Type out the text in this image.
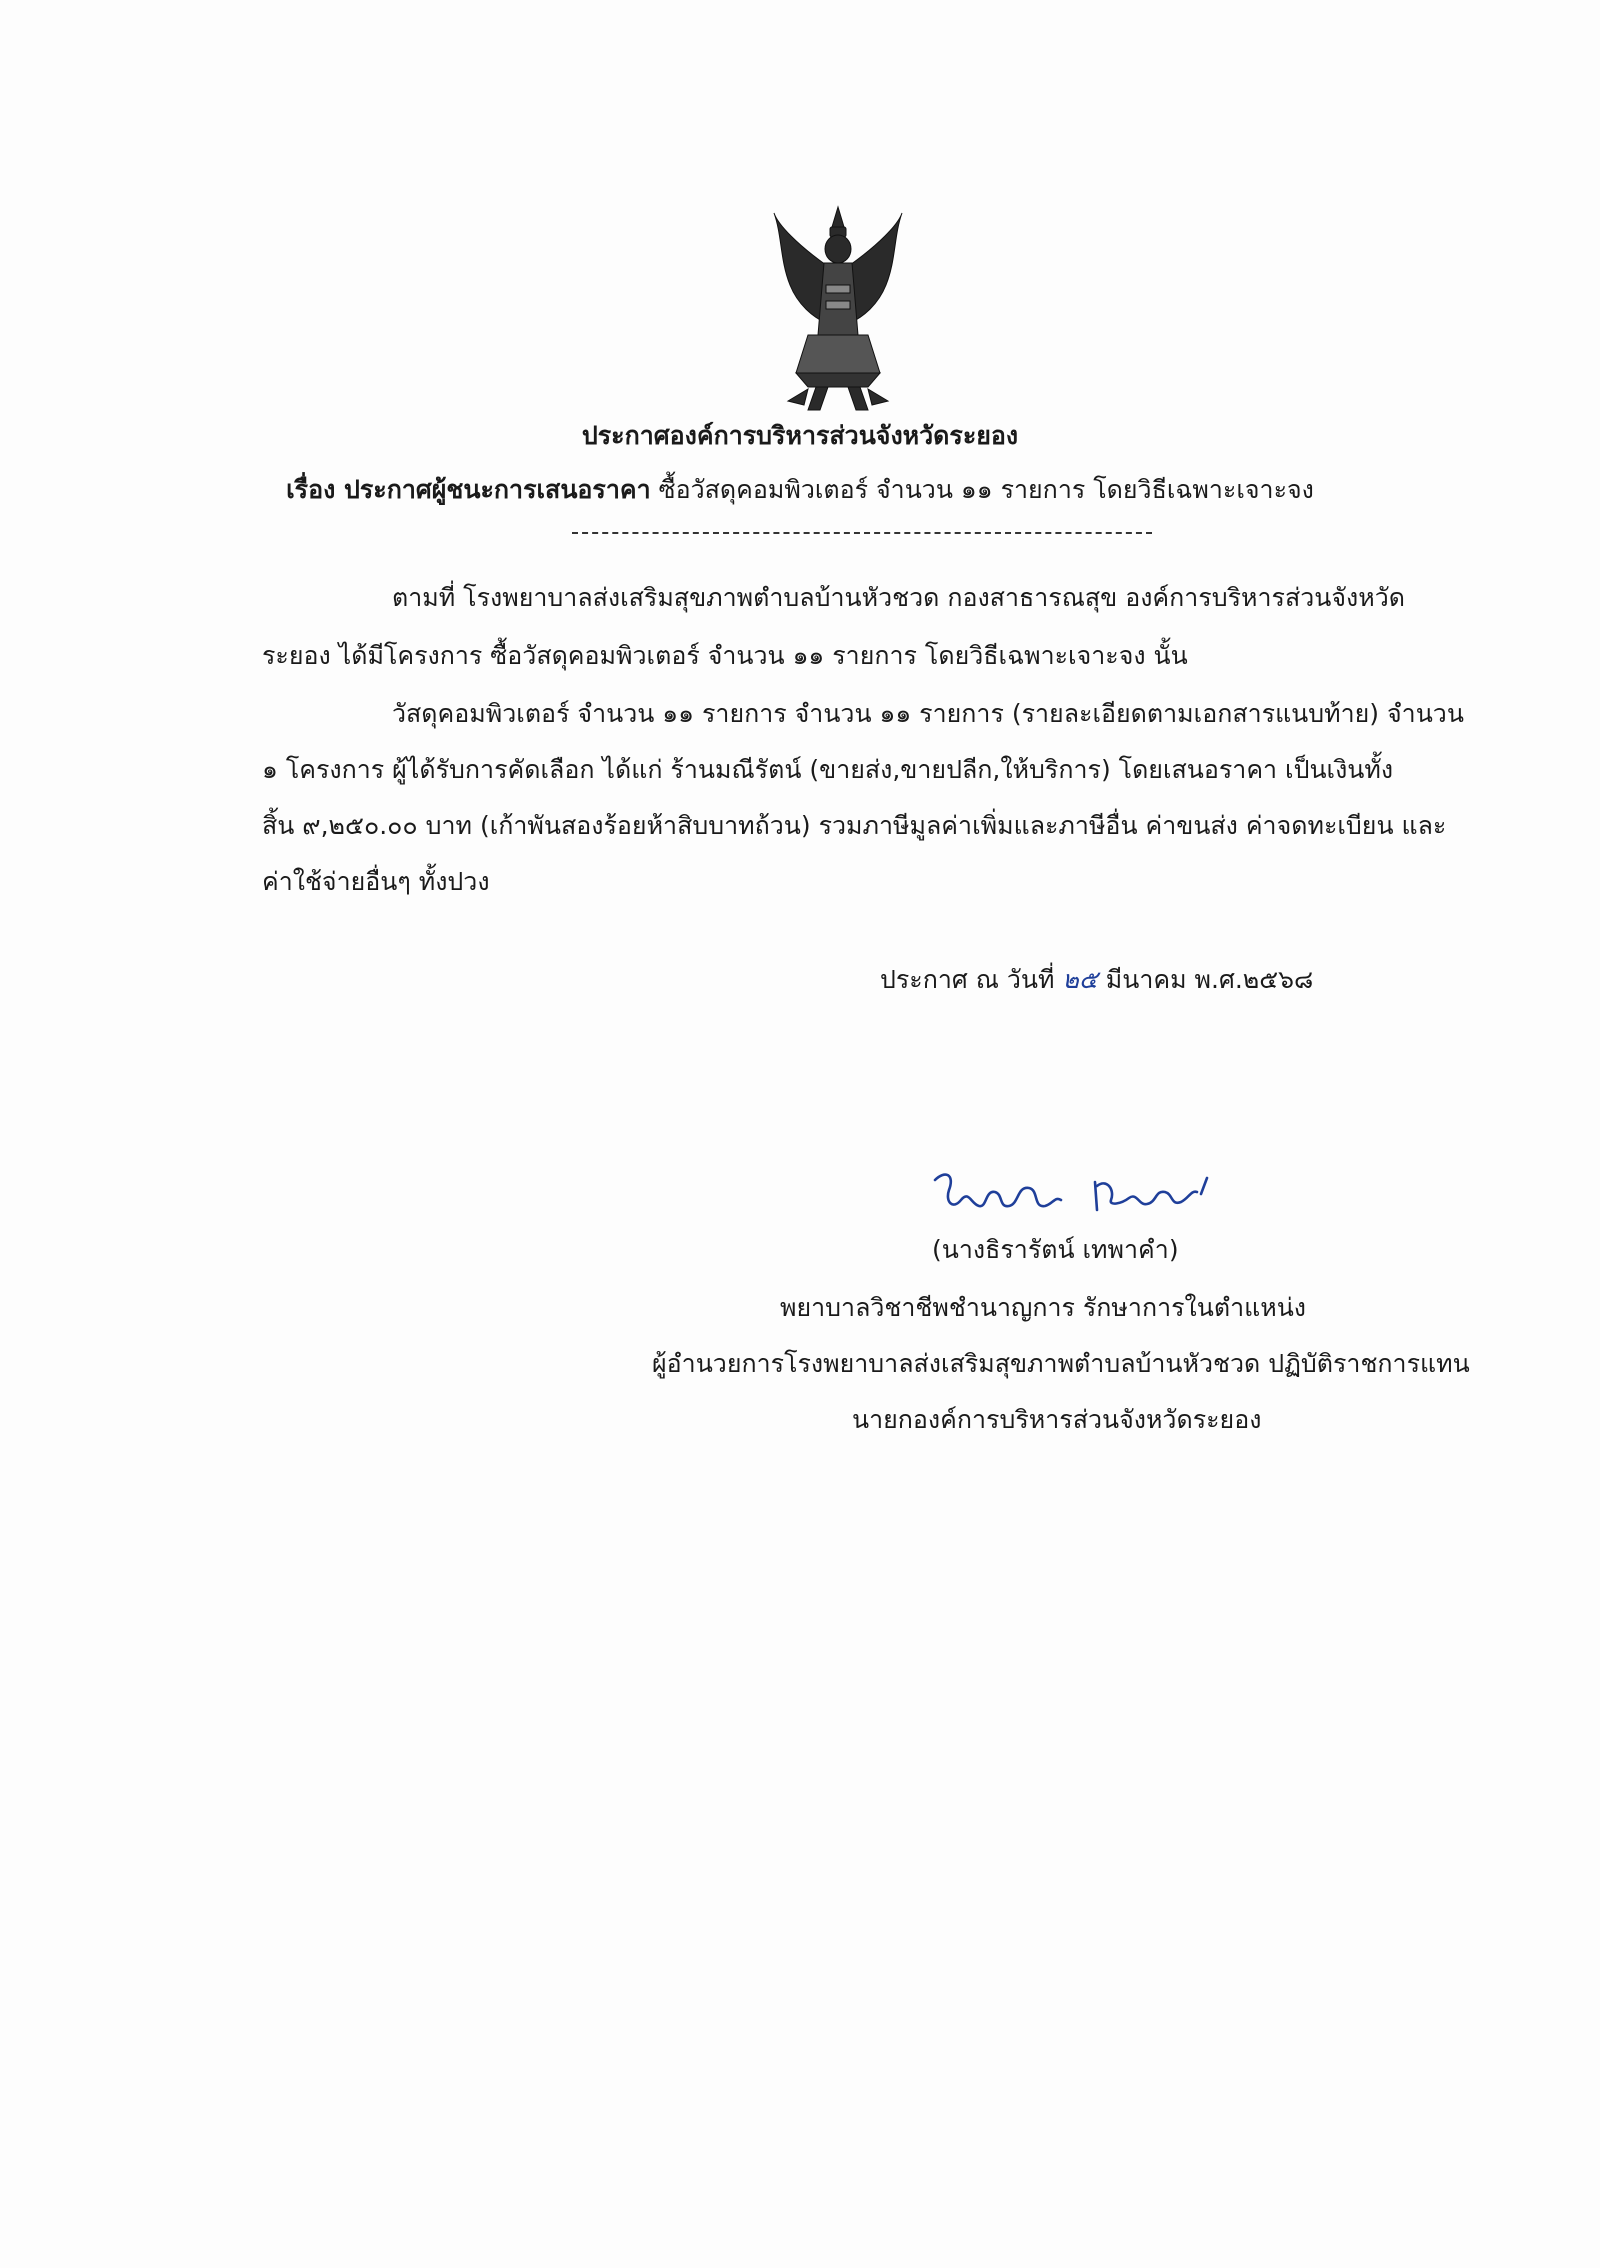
ประกาศองค์การบริหารส่วนจังหวัดระยอง
เรื่อง ประกาศผู้ชนะการเสนอราคา ซื้อวัสดุคอมพิวเตอร์ จำนวน ๑๑ รายการ โดยวิธีเฉพาะเจาะจง
ตามที่ โรงพยาบาลส่งเสริมสุขภาพตำบลบ้านหัวชวด กองสาธารณสุข องค์การบริหารส่วนจังหวัด
ระยอง ได้มีโครงการ ซื้อวัสดุคอมพิวเตอร์ จำนวน ๑๑ รายการ โดยวิธีเฉพาะเจาะจง นั้น
วัสดุคอมพิวเตอร์ จำนวน ๑๑ รายการ จำนวน ๑๑ รายการ (รายละเอียดตามเอกสารแนบท้าย) จำนวน
๑ โครงการ ผู้ได้รับการคัดเลือก ได้แก่ ร้านมณีรัตน์ (ขายส่ง,ขายปลีก,ให้บริการ) โดยเสนอราคา เป็นเงินทั้ง
สิ้น ๙,๒๕๐.๐๐ บาท (เก้าพันสองร้อยห้าสิบบาทถ้วน) รวมภาษีมูลค่าเพิ่มและภาษีอื่น ค่าขนส่ง ค่าจดทะเบียน และ
ค่าใช้จ่ายอื่นๆ ทั้งปวง
ประกาศ ณ วันที่ ๒๕ มีนาคม พ.ศ.๒๕๖๘
(นางธิรารัตน์ เทพาคำ)
พยาบาลวิชาชีพชำนาญการ รักษาการในตำแหน่ง
ผู้อำนวยการโรงพยาบาลส่งเสริมสุขภาพตำบลบ้านหัวชวด ปฏิบัติราชการแทน
นายกองค์การบริหารส่วนจังหวัดระยอง
